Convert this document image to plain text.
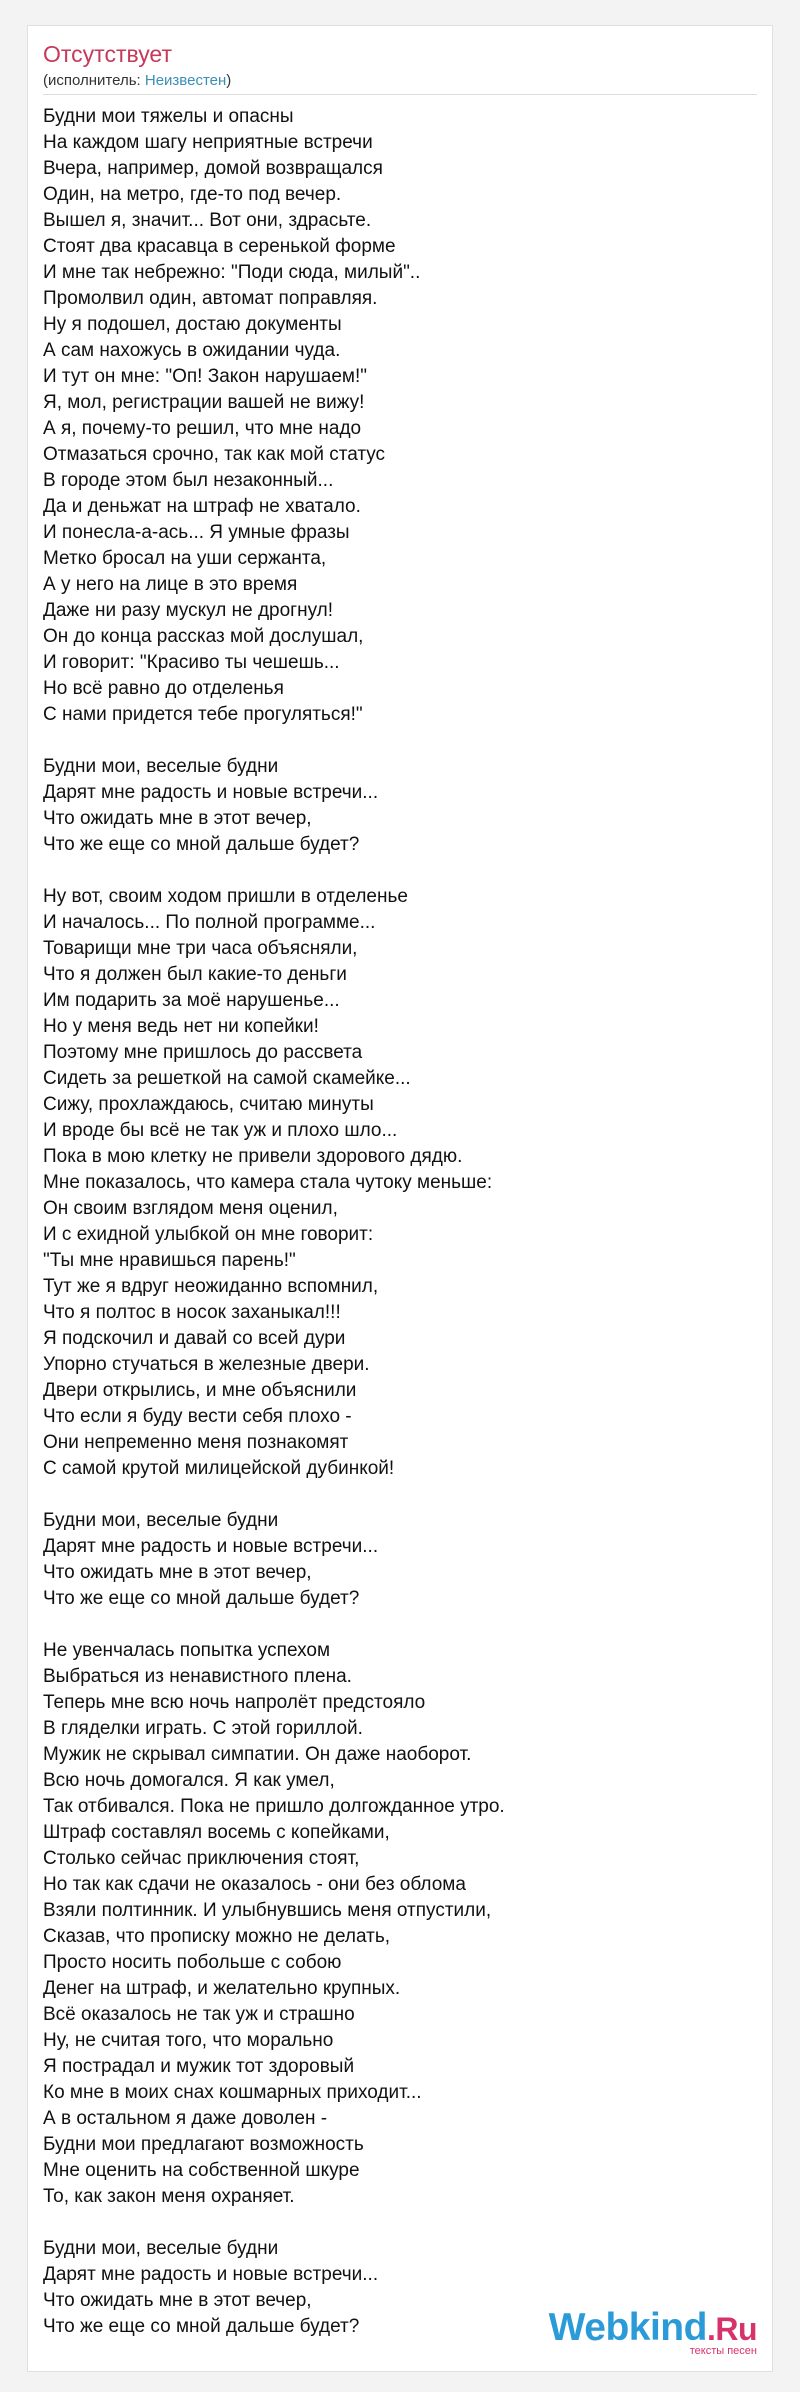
Отсутствует
(исполнитель: Неизвестен)
Будни мои тяжелы и опасны
На каждом шагу неприятные встречи
Вчера, например, домой возвращался
Один, на метро, где-то под вечер.
Вышел я, значит... Вот они, здрасьте.
Стоят два красавца в серенькой форме
И мне так небрежно: "Поди сюда, милый"..
Промолвил один, автомат поправляя.
Ну я подошел, достаю документы
А сам нахожусь в ожидании чуда.
И тут он мне: "Оп! Закон нарушаем!"
Я, мол, регистрации вашей не вижу!
А я, почему-то решил, что мне надо
Отмазаться срочно, так как мой статус
В городе этом был незаконный...
Да и деньжат на штраф не хватало.
И понесла-а-ась... Я умные фразы
Метко бросал на уши сержанта,
А у него на лице в это время
Даже ни разу мускул не дрогнул!
Он до конца рассказ мой дослушал,
И говорит: "Красиво ты чешешь...
Но всё равно до отделенья
С нами придется тебе прогуляться!"
Будни мои, веселые будни
Дарят мне радость и новые встречи...
Что ожидать мне в этот вечер,
Что же еще со мной дальше будет?
Ну вот, своим ходом пришли в отделенье
И началось... По полной программе...
Товарищи мне три часа объясняли,
Что я должен был какие-то деньги
Им подарить за моё нарушенье...
Но у меня ведь нет ни копейки!
Поэтому мне пришлось до рассвета
Сидеть за решеткой на самой скамейке...
Сижу, прохлаждаюсь, считаю минуты
И вроде бы всё не так уж и плохо шло...
Пока в мою клетку не привели здорового дядю.
Мне показалось, что камера стала чутоку меньше:
Он своим взглядом меня оценил,
И с ехидной улыбкой он мне говорит:
"Ты мне нравишься парень!"
Тут же я вдруг неожиданно вспомнил,
Что я полтос в носок заханыкал!!!
Я подскочил и давай со всей дури
Упорно стучаться в железные двери.
Двери открылись, и мне объяснили
Что если я буду вести себя плохо -
Они непременно меня познакомят
С самой крутой милицейской дубинкой!
Будни мои, веселые будни
Дарят мне радость и новые встречи...
Что ожидать мне в этот вечер,
Что же еще со мной дальше будет?
Не увенчалась попытка успехом
Выбраться из ненавистного плена.
Теперь мне всю ночь напролёт предстояло
В гляделки играть. С этой гориллой.
Мужик не скрывал симпатии. Он даже наоборот.
Всю ночь домогался. Я как умел,
Так отбивался. Пока не пришло долгожданное утро.
Штраф составлял восемь с копейками,
Столько сейчас приключения стоят,
Но так как сдачи не оказалось - они без облома
Взяли полтинник. И улыбнувшись меня отпустили,
Сказав, что прописку можно не делать,
Просто носить побольше с собою
Денег на штраф, и желательно крупных.
Всё оказалось не так уж и страшно
Ну, не считая того, что морально
Я пострадал и мужик тот здоровый
Ко мне в моих снах кошмарных приходит...
А в остальном я даже доволен -
Будни мои предлагают возможность
Мне оценить на собственной шкуре
То, как закон меня охраняет.
Будни мои, веселые будни
Дарят мне радость и новые встречи...
Что ожидать мне в этот вечер,
Что же еще со мной дальше будет?	Webkind.Ru
тексты песен
